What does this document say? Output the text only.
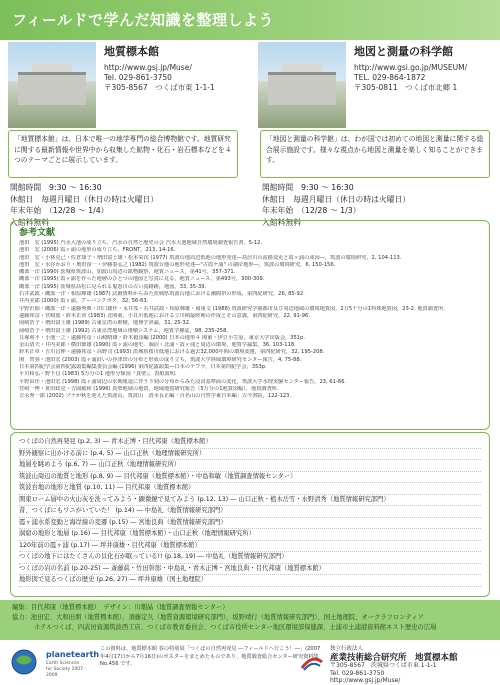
フィールドで学んだ知識を整理しよう
地質標本館
http://www.gsj.jp/Muse/
Tel. 029-861-3750
〒305-8567　つくば市東 1-1-1
「地質標本館」は、日本で唯一の地学専門の総合博物館です。地質研究に関する最新情報や世界中から収集した鉱物・化石・岩石標本などを４つのテーマごとに展示しています。
開館時間　 9:30 〜 16:30
休館日　 毎週月曜日（休日の時は火曜日）
年末年始　 （12/28 〜 1/4）
入館料無料
地図と測量の科学館
http://www.gsi.go.jp/MUSEUM/
TEL. 029-864-1872
〒305-0811　つくば市北郷 1
「地図と測量の科学館」は、わが国では初めての地図と測量に関する総合展示施設です。様々な視点から地図と測量を楽しく知ることができます。
開館時間　 9:30 〜 16:30
休館日　 毎週月曜日（休日の時は火曜日）
年末年始　 （12/28 〜 1/3）
入館料無料
参考文献
池田　宏 (1995) 汽水大池の成り立ち，汽水の自然と歴史の会 汽水大池地域自然環境調査報告書，5-12.
池田　宏 (2006) 霞ヶ浦の地形の成り立ち，FRONT，213, 14-16.
池田　宏・小林克己・佐倉康子・増田富士雄・松本栄次 (1977) 筑波台地周辺低地の地形発達―鳥居川の流路変更と霞ヶ浦の成因―，筑波の環境研究，2, 104-113.
池田　宏・水谷かおり・奥田淳一・伊藤泰弘之 (1982) 筑波台地の地形発達―"古霞ケ浦" の湖岸地形―，筑波の環境研究，6, 150-156.
磯部一洋 (1990) 茨城県筑波山，加波山周辺の鉱物観察，地質ニュース，第41号，357-371.
磯部一洋 (1995) 霞ヶ浦を作った地層のひとつの地図と写真に見る，地質ニュース，第493号，300-309.
磯部一洋 (1995) 茨城県高松に見られる鬼怒川の古い流路跡，地図，33, 35-39.
石井武政・磯部一洋・相原輝雄 (1987) 試錐資料からみた茨城県筑波台地における潮間帯の形成，第四紀研究，26, 85-92.
井内美郎 (2000) 霞ヶ浦，アーバンクボタ，32, 56-63.
宇野沢昭・磯部一洋・遠藤秀典・田口雄作・永井茂・石井武政・相原輝雄・岡重文 (1988) 筑波研究学園都市及び周辺地域の環境地質図，2万5千分の1特殊地質図，23-2. 地質調査所.
遠藤邦彦・宮崎篤・鈴木正章 (1983) 北関東，小貝川低地における立川期最終期の作成とその意義，第四紀研究，22, 91-96.
岡崎浩子・増田富士雄 (1989) 古東京湾の堆積，地理学評論，31, 25-32.
岡崎浩子・増田富士雄 (1992) 古東京湾地域の堆積システム，地質学雑誌，98, 235-258.
貝塚爽平・小池一之・遠藤邦彦・山崎晴雄・鈴木毅彦編 (2000) 日本の地形４ 関東・伊豆小笠原，東京大学出版会，351p.
金山清夫・井内美郎・横田節雄 (1990) 霞ヶ浦の地史．涸沼・北浦・霞ヶ浦と周辺の環境，地質学論集，36, 103-118.
鈴木正章・吉川昌伸・遠藤邦彦・高野司 (1993) 茨城県桜川低地における過去32,000年間の環境変遷，第四紀研究，32, 195-208.
関　智弥・池田宏 (2003) 霞ヶ浦沿いの谷津田の分布と形成の成り立ち，筑波大学陸域環境研究センター報告，4, 75-88.
日本第四紀学会第四紀露頭集編集委員会編 (1996) 第四紀露頭集―日本のテフラ，日本第四紀学会，353p.
平川和弘・野下昌 (1983) 5万分の1 地形分類図『真壁』，表紙説明.
平野由佳・池田宏 (1998) 霞ヶ浦周辺の氷期後退に伴う下刻の分布からみた浸食基準面の変化，筑波大学水理実験センター報告，23, 61-66.
宮崎一博・笹田政克・吉岡敏和 (1996) 真壁地域の地質，地域地質研究報告（5万分の1地質図幅），地質調査所.
吉永秀一郎 (2002) プナが秋を迎えた筑波山，筑波山　清水長正編「百名山の自然学東日本編」古今書院，122-123.
つくばの自然再発見 (p.2, 3) ― 青木正博・目代邦康（地質標本館）
野外観察に出かける前に (p.4, 5) ― 山口正秋（地理情報研究所）
地層を眺めよう (p.6, 7) ― 山口正秋（地理情報研究所）
筑波山周辺の地質と地形 (p.8, 9) ― 目代邦康（地質標本館）・中島和敏（地質調査情報センター）
筑波台地の地形と地質 (p.10, 11) ― 目代邦康（地質標本館）
関東ローム層中の火山灰を洗ってみよう・顕微鏡で見てみよう (p.12, 13) ― 山口正秋・植木岳雪・水野清秀（地質情報研究部門）
昔、つくばにもワニがいていた！ (p.14) ― 中島礼（地質情報研究部門）
霞ヶ浦水系変動と海岸線の変遷 (p.15) ― 宮地良典（地質情報研究部門）
洞窟の地形と地層 (p.16) ― 目代邦康（地質標本館）・山口正秋（地理情報研究所）
120年前の霞ヶ浦 (p.17) ― 坪井康雄・目代邦康（地質標本館）
つくばの地下にはたくさんの貝化石が眠っている!! (p.18, 19) ― 中島礼（地質情報研究部門）
つくばの岩の名前 (p.20-25) ― 斎藤眞・竹田幹郎・中島礼・青木正博・宮地良典・目代邦康（地質標本館）
地形図で見るつくばの歴史 (p.26, 27) ― 坪井康雄（国土地理院）
編集：目代邦康（地質標本館）　デザイン：川畑晶（地質調査情報センター）
協力：池田宏、大和田朋（地質標本館）、須藤定久（地質資源環境研究部門）、坂野靖行（地質情報研究部門）、国土地理院、オークラフロンティア
ホテルつくば、四武田資源筑波西工店、つくば市教育委員会、つくば市役所センター地区環境部保健課、土浦市土浦港資料館ネスト歴史の広場
planetearth
Earth Sciences for Society 2007-2009
この資料は、地質標本館 春の特別展「つくばの自然再発見 ―フィールドへ行こう！―」(2007年4月17日から7月16日)のポスターをまとめたものであり、地質調査総合センター研究資料集 No.456 です。
独立行政法人
産業技術総合研究所　地質標本館
〒305-8567　茨城県つくば市東 1-1-1
Tel. 029-861-3750
http://www.gsj.jp/Muse/
